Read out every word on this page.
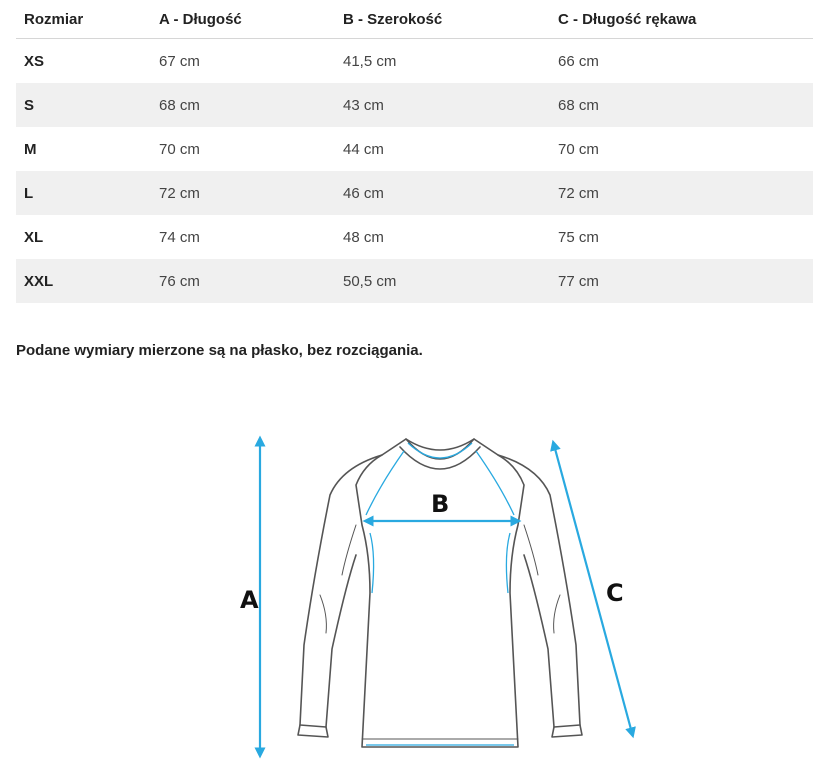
Rozmiar	A - Długość	B - Szerokość	C - Długość rękawa
XS	67 cm	41,5 cm	66 cm
S	68 cm	43 cm	68 cm
M	70 cm	44 cm	70 cm
L	72 cm	46 cm	72 cm
XL	74 cm	48 cm	75 cm
XXL	76 cm	50,5 cm	77 cm

Podane wymiary mierzone są na płasko, bez rozciągania.

A
B
C
